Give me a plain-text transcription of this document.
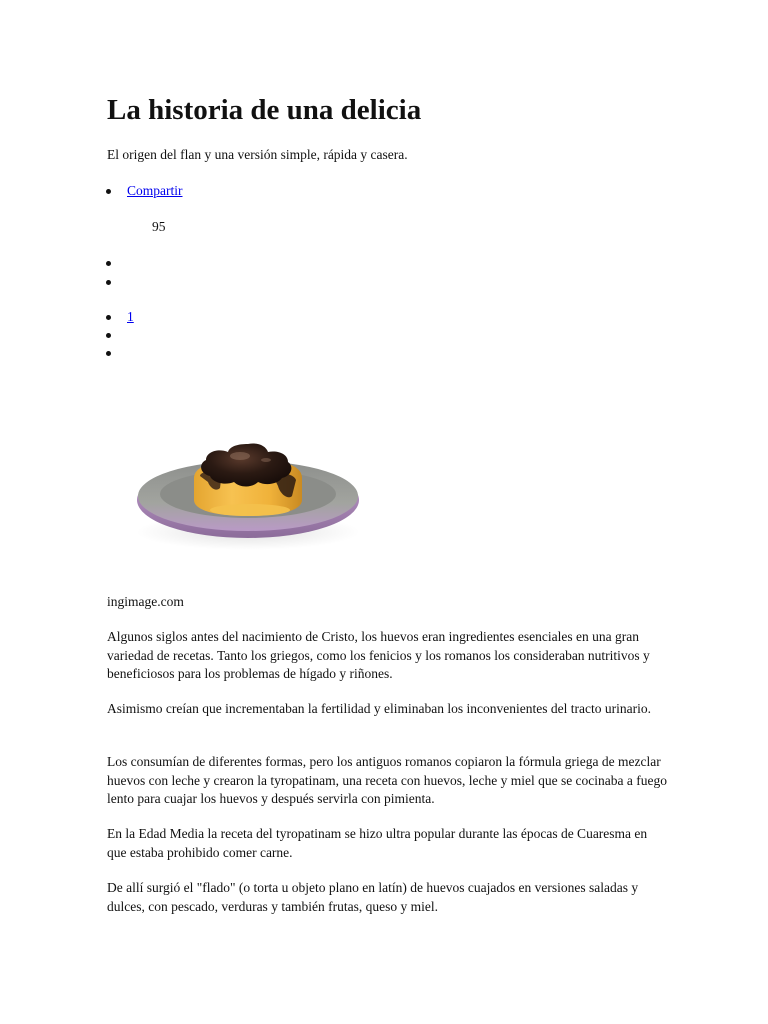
La historia de una delicia

El origen del flan y una versión simple, rápida y casera.

Compartir
95
1
ingimage.com

Algunos siglos antes del nacimiento de Cristo, los huevos eran ingredientes esenciales en una gran variedad de recetas. Tanto los griegos, como los fenicios y los romanos los consideraban nutritivos y beneficiosos para los problemas de hígado y riñones.

Asimismo creían que incrementaban la fertilidad y eliminaban los inconvenientes del tracto urinario.

Los consumían de diferentes formas, pero los antiguos romanos copiaron la fórmula griega de mezclar huevos con leche y crearon la tyropatinam, una receta con huevos, leche y miel que se cocinaba a fuego lento para cuajar los huevos y después servirla con pimienta.

En la Edad Media la receta del tyropatinam se hizo ultra popular durante las épocas de Cuaresma en que estaba prohibido comer carne.

De allí surgió el "flado" (o torta u objeto plano en latín) de huevos cuajados en versiones saladas y dulces, con pescado, verduras y también frutas, queso y miel.
